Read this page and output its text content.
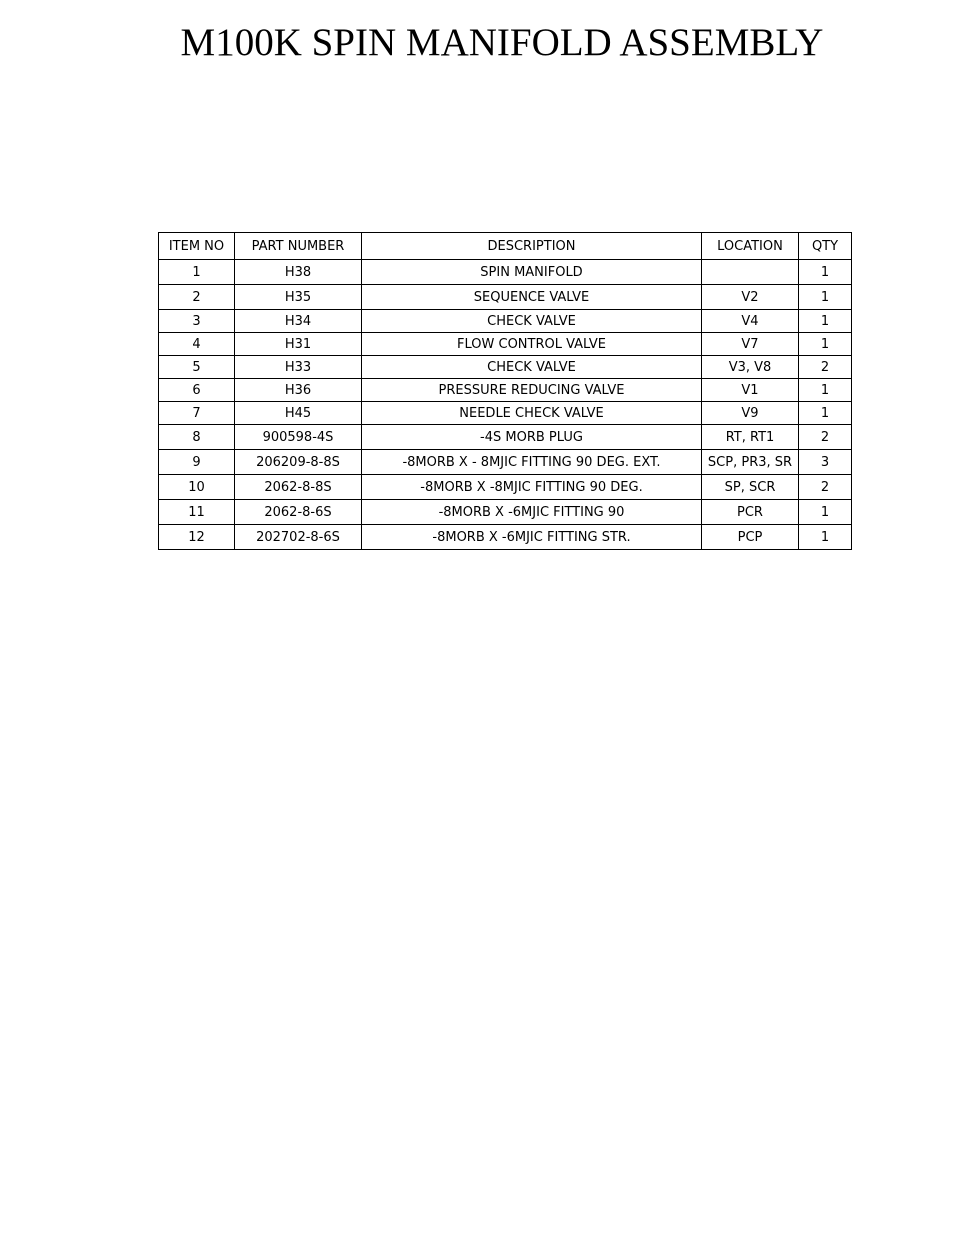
M100K SPIN MANIFOLD ASSEMBLY
ITEM NO	PART NUMBER	DESCRIPTION	LOCATION	QTY
1	H38	SPIN MANIFOLD		1
2	H35	SEQUENCE VALVE	V2	1
3	H34	CHECK VALVE	V4	1
4	H31	FLOW CONTROL VALVE	V7	1
5	H33	CHECK VALVE	V3, V8	2
6	H36	PRESSURE REDUCING VALVE	V1	1
7	H45	NEEDLE CHECK VALVE	V9	1
8	900598-4S	-4S MORB PLUG	RT, RT1	2
9	206209-8-8S	-8MORB X - 8MJIC FITTING 90 DEG. EXT.	SCP, PR3, SR	3
10	2062-8-8S	-8MORB X -8MJIC FITTING 90 DEG.	SP, SCR	2
11	2062-8-6S	-8MORB X -6MJIC FITTING 90	PCR	1
12	202702-8-6S	-8MORB X -6MJIC FITTING STR.	PCP	1
